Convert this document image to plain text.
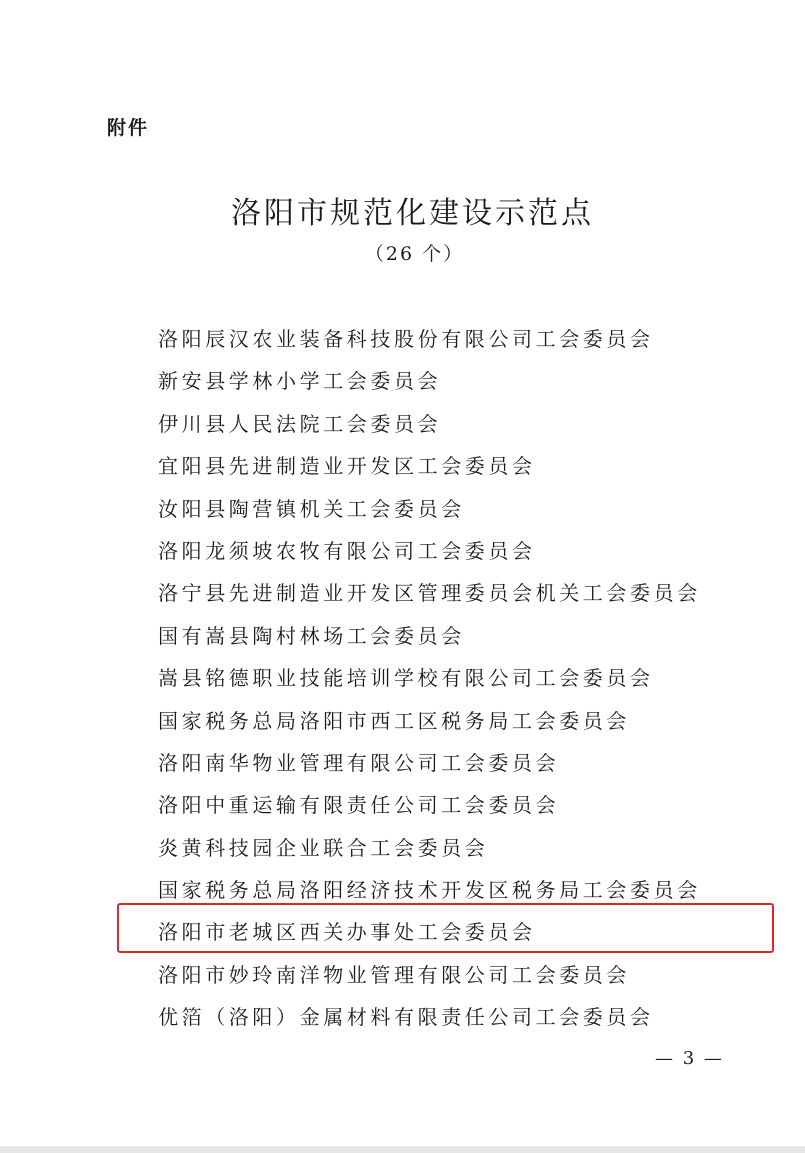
附件
洛阳市规范化建设示范点
（26 个）
洛阳辰汉农业装备科技股份有限公司工会委员会
新安县学林小学工会委员会
伊川县人民法院工会委员会
宜阳县先进制造业开发区工会委员会
汝阳县陶营镇机关工会委员会
洛阳龙须坡农牧有限公司工会委员会
洛宁县先进制造业开发区管理委员会机关工会委员会
国有嵩县陶村林场工会委员会
嵩县铭德职业技能培训学校有限公司工会委员会
国家税务总局洛阳市西工区税务局工会委员会
洛阳南华物业管理有限公司工会委员会
洛阳中重运输有限责任公司工会委员会
炎黄科技园企业联合工会委员会
国家税务总局洛阳经济技术开发区税务局工会委员会
洛阳市老城区西关办事处工会委员会
洛阳市妙玲南洋物业管理有限公司工会委员会
优箔（洛阳）金属材料有限责任公司工会委员会
— 3 —
